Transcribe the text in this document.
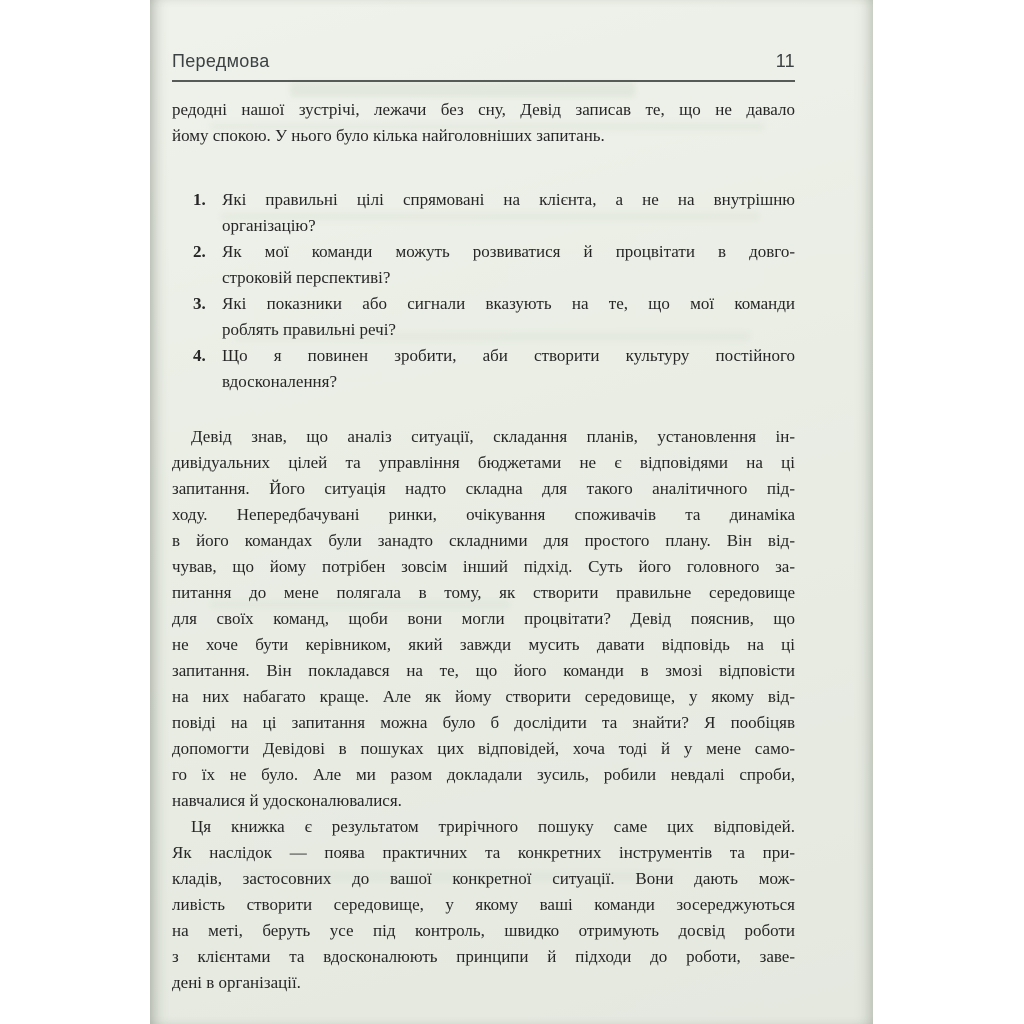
Передмова	11
редодні нашої зустрічі, лежачи без сну, Девід записав те, що не давало
йому спокою. У нього було кілька найголовніших запитань.
1. Які правильні цілі спрямовані на клієнта, а не на внутрішню
організацію?
2. Як мої команди можуть розвиватися й процвітати в довго-
строковій перспективі?
3. Які показники або сигнали вказують на те, що мої команди
роблять правильні речі?
4. Що я повинен зробити, аби створити культуру постійного
вдосконалення?
Девід знав, що аналіз ситуації, складання планів, установлення ін-
дивідуальних цілей та управління бюджетами не є відповідями на ці
запитання. Його ситуація надто складна для такого аналітичного під-
ходу. Непередбачувані ринки, очікування споживачів та динаміка
в його командах були занадто складними для простого плану. Він від-
чував, що йому потрібен зовсім інший підхід. Суть його головного за-
питання до мене полягала в тому, як створити правильне середовище
для своїх команд, щоби вони могли процвітати? Девід пояснив, що
не хоче бути керівником, який завжди мусить давати відповідь на ці
запитання. Він покладався на те, що його команди в змозі відповісти
на них набагато краще. Але як йому створити середовище, у якому від-
повіді на ці запитання можна було б дослідити та знайти? Я пообіцяв
допомогти Девідові в пошуках цих відповідей, хоча тоді й у мене само-
го їх не було. Але ми разом докладали зусиль, робили невдалі спроби,
навчалися й удосконалювалися.
Ця книжка є результатом трирічного пошуку саме цих відповідей.
Як наслідок — поява практичних та конкретних інструментів та при-
кладів, застосовних до вашої конкретної ситуації. Вони дають мож-
ливість створити середовище, у якому ваші команди зосереджуються
на меті, беруть усе під контроль, швидко отримують досвід роботи
з клієнтами та вдосконалюють принципи й підходи до роботи, заве-
дені в організації.
